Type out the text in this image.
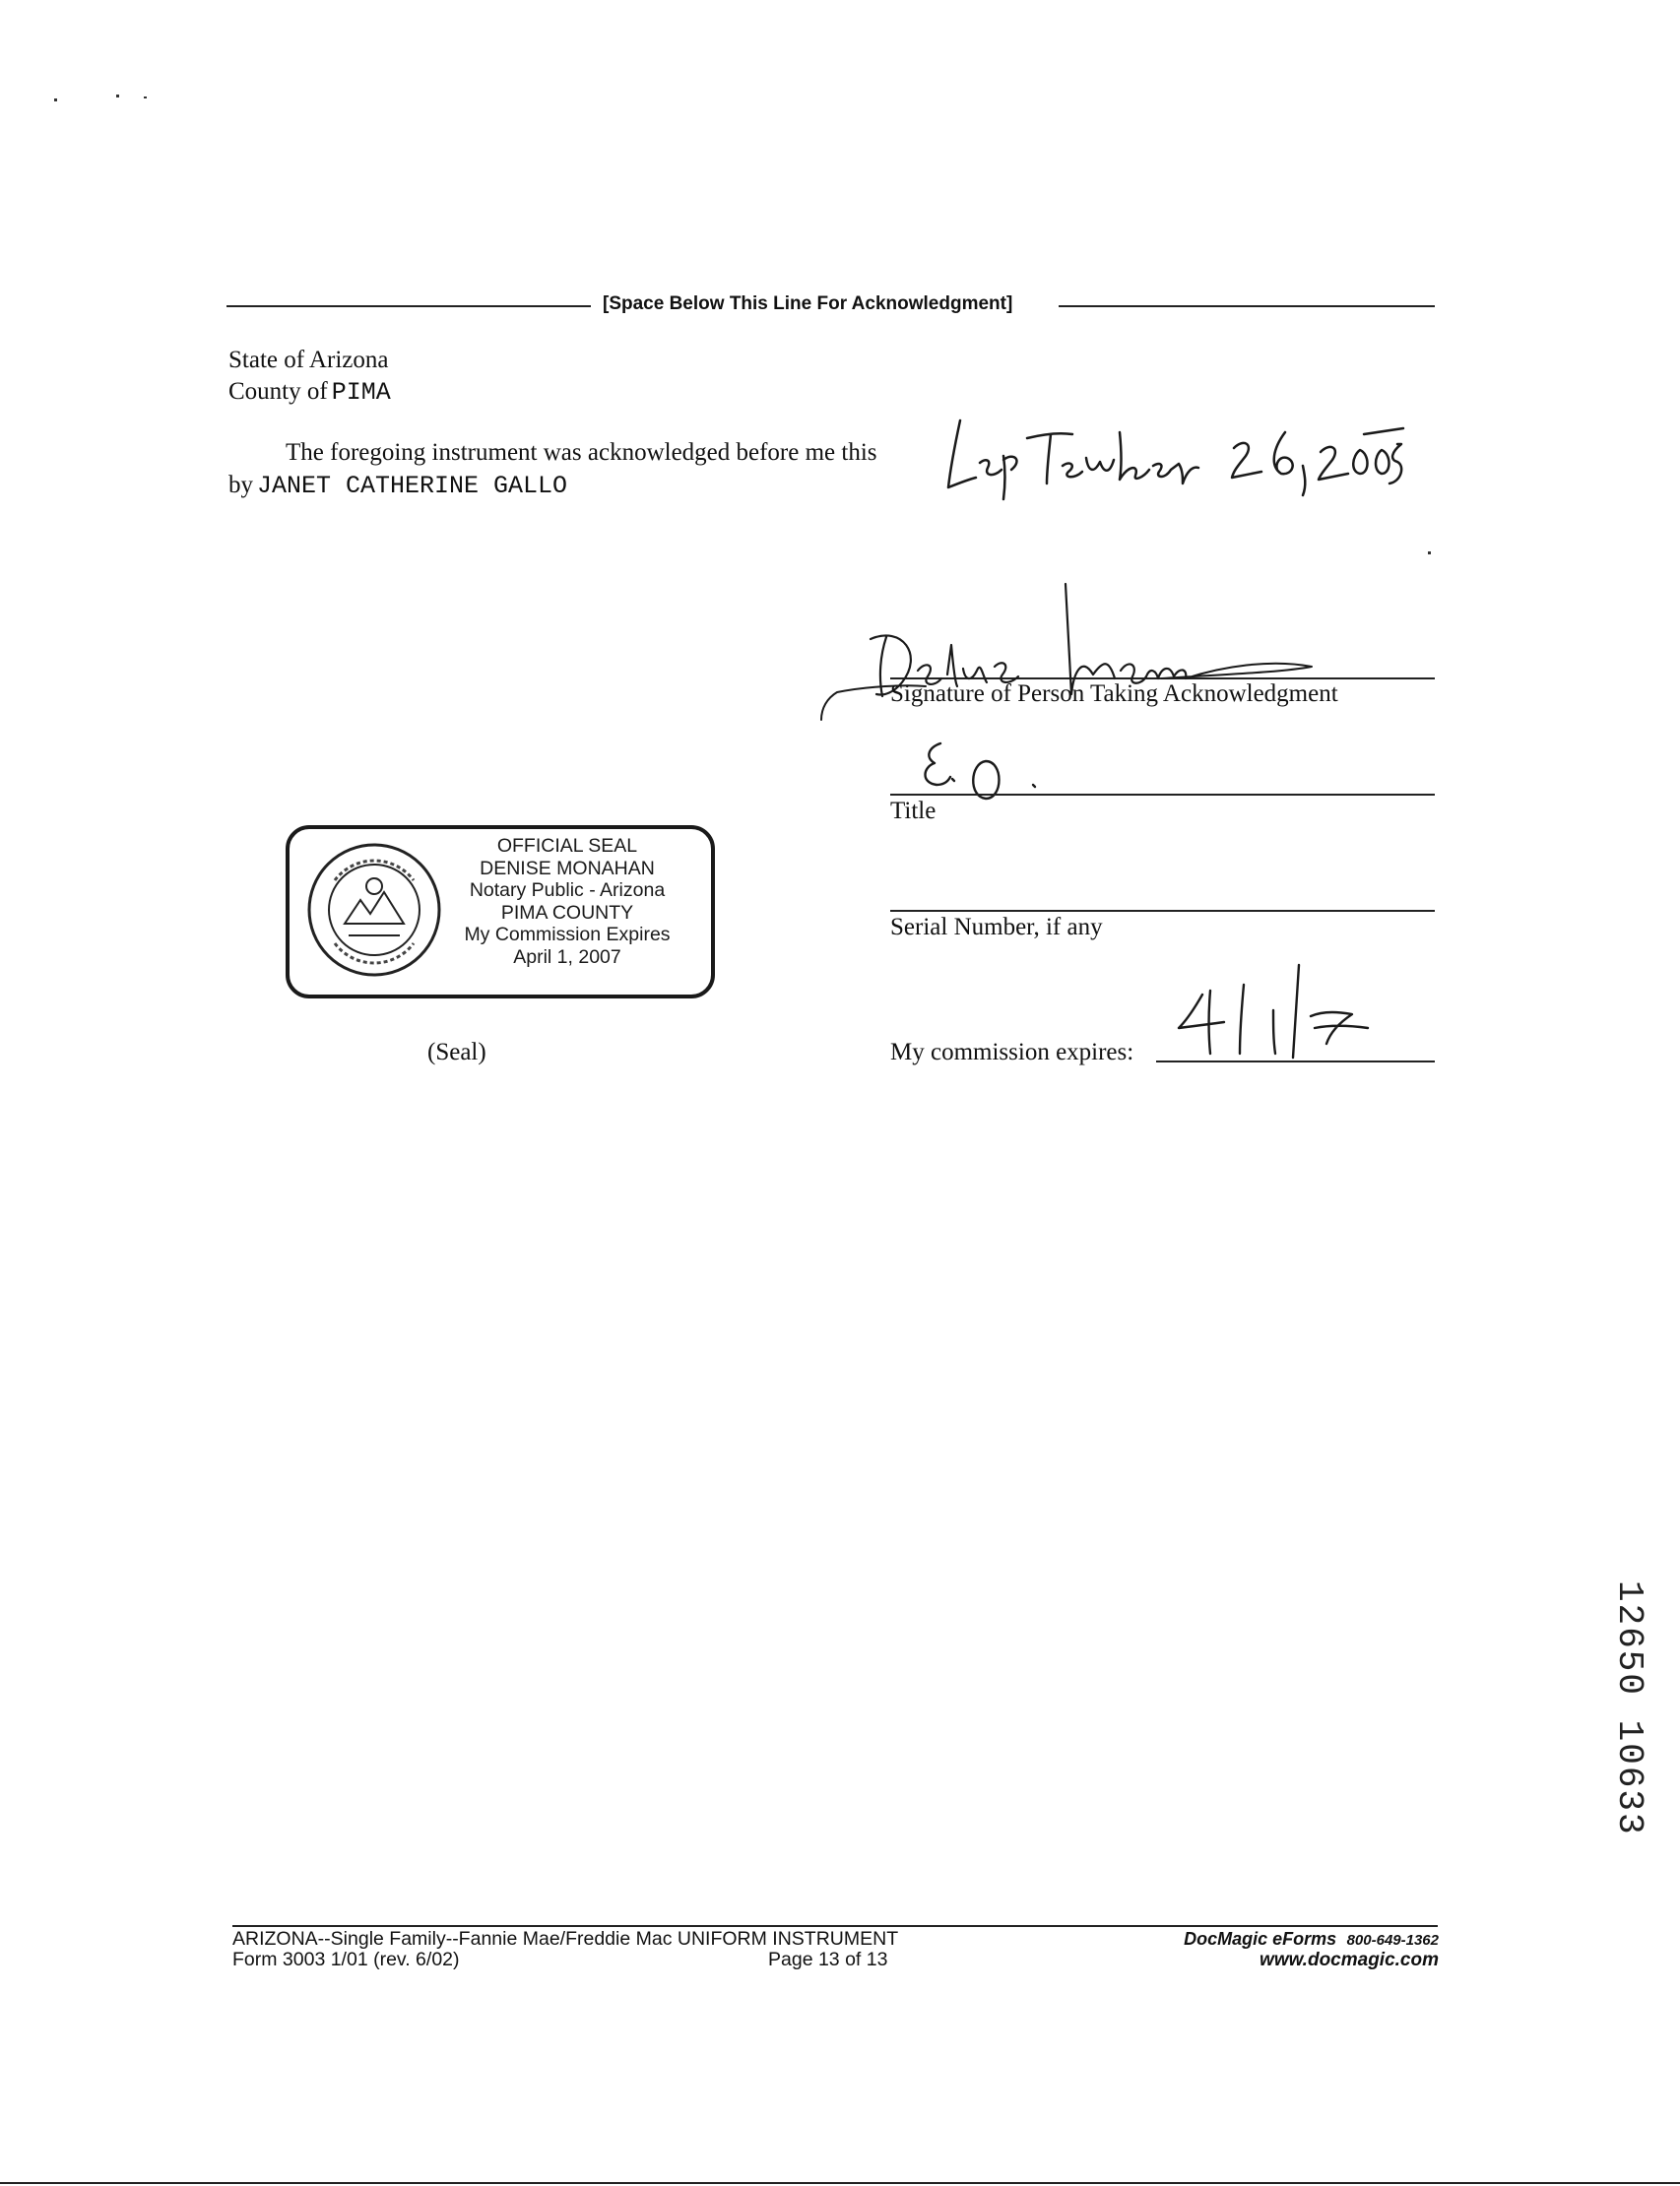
[Space Below This Line For Acknowledgment]
State of Arizona
County of PIMA
The foregoing instrument was acknowledged before me this
by JANET CATHERINE GALLO
Signature of Person Taking Acknowledgment
Title
Serial Number, if any
My commission expires:
OFFICIAL SEAL
DENISE MONAHAN
Notary Public - Arizona
PIMA COUNTY
My Commission Expires
April 1, 2007
(Seal)
12650 10633
ARIZONA--Single Family--Fannie Mae/Freddie Mac UNIFORM INSTRUMENT
Form 3003 1/01 (rev. 6/02)	Page 13 of 13
DocMagic eForms 800-649-1362
www.docmagic.com
